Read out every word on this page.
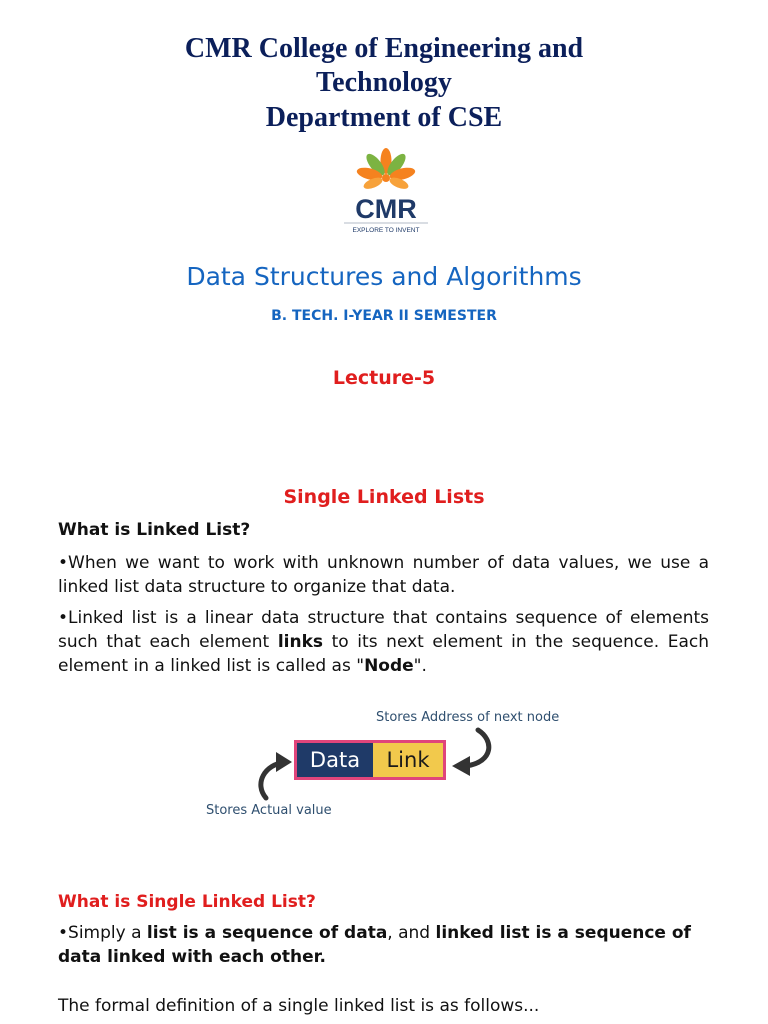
CMR College of Engineering and
Technology
Department of CSE
CMR
EXPLORE TO INVENT
Data Structures and Algorithms
B. TECH. I-YEAR II SEMESTER
Lecture-5
Single Linked Lists
What is Linked List?
•When we want to work with unknown number of data values, we use a linked list data structure to organize that data.
•Linked list is a linear data structure that contains sequence of elements such that each element links to its next element in the sequence. Each element in a linked list is called as "Node".
Stores Address of next node
Data	Link
Stores Actual value
What is Single Linked List?
•Simply a list is a sequence of data, and linked list is a sequence of data linked with each other.
The formal definition of a single linked list is as follows...
